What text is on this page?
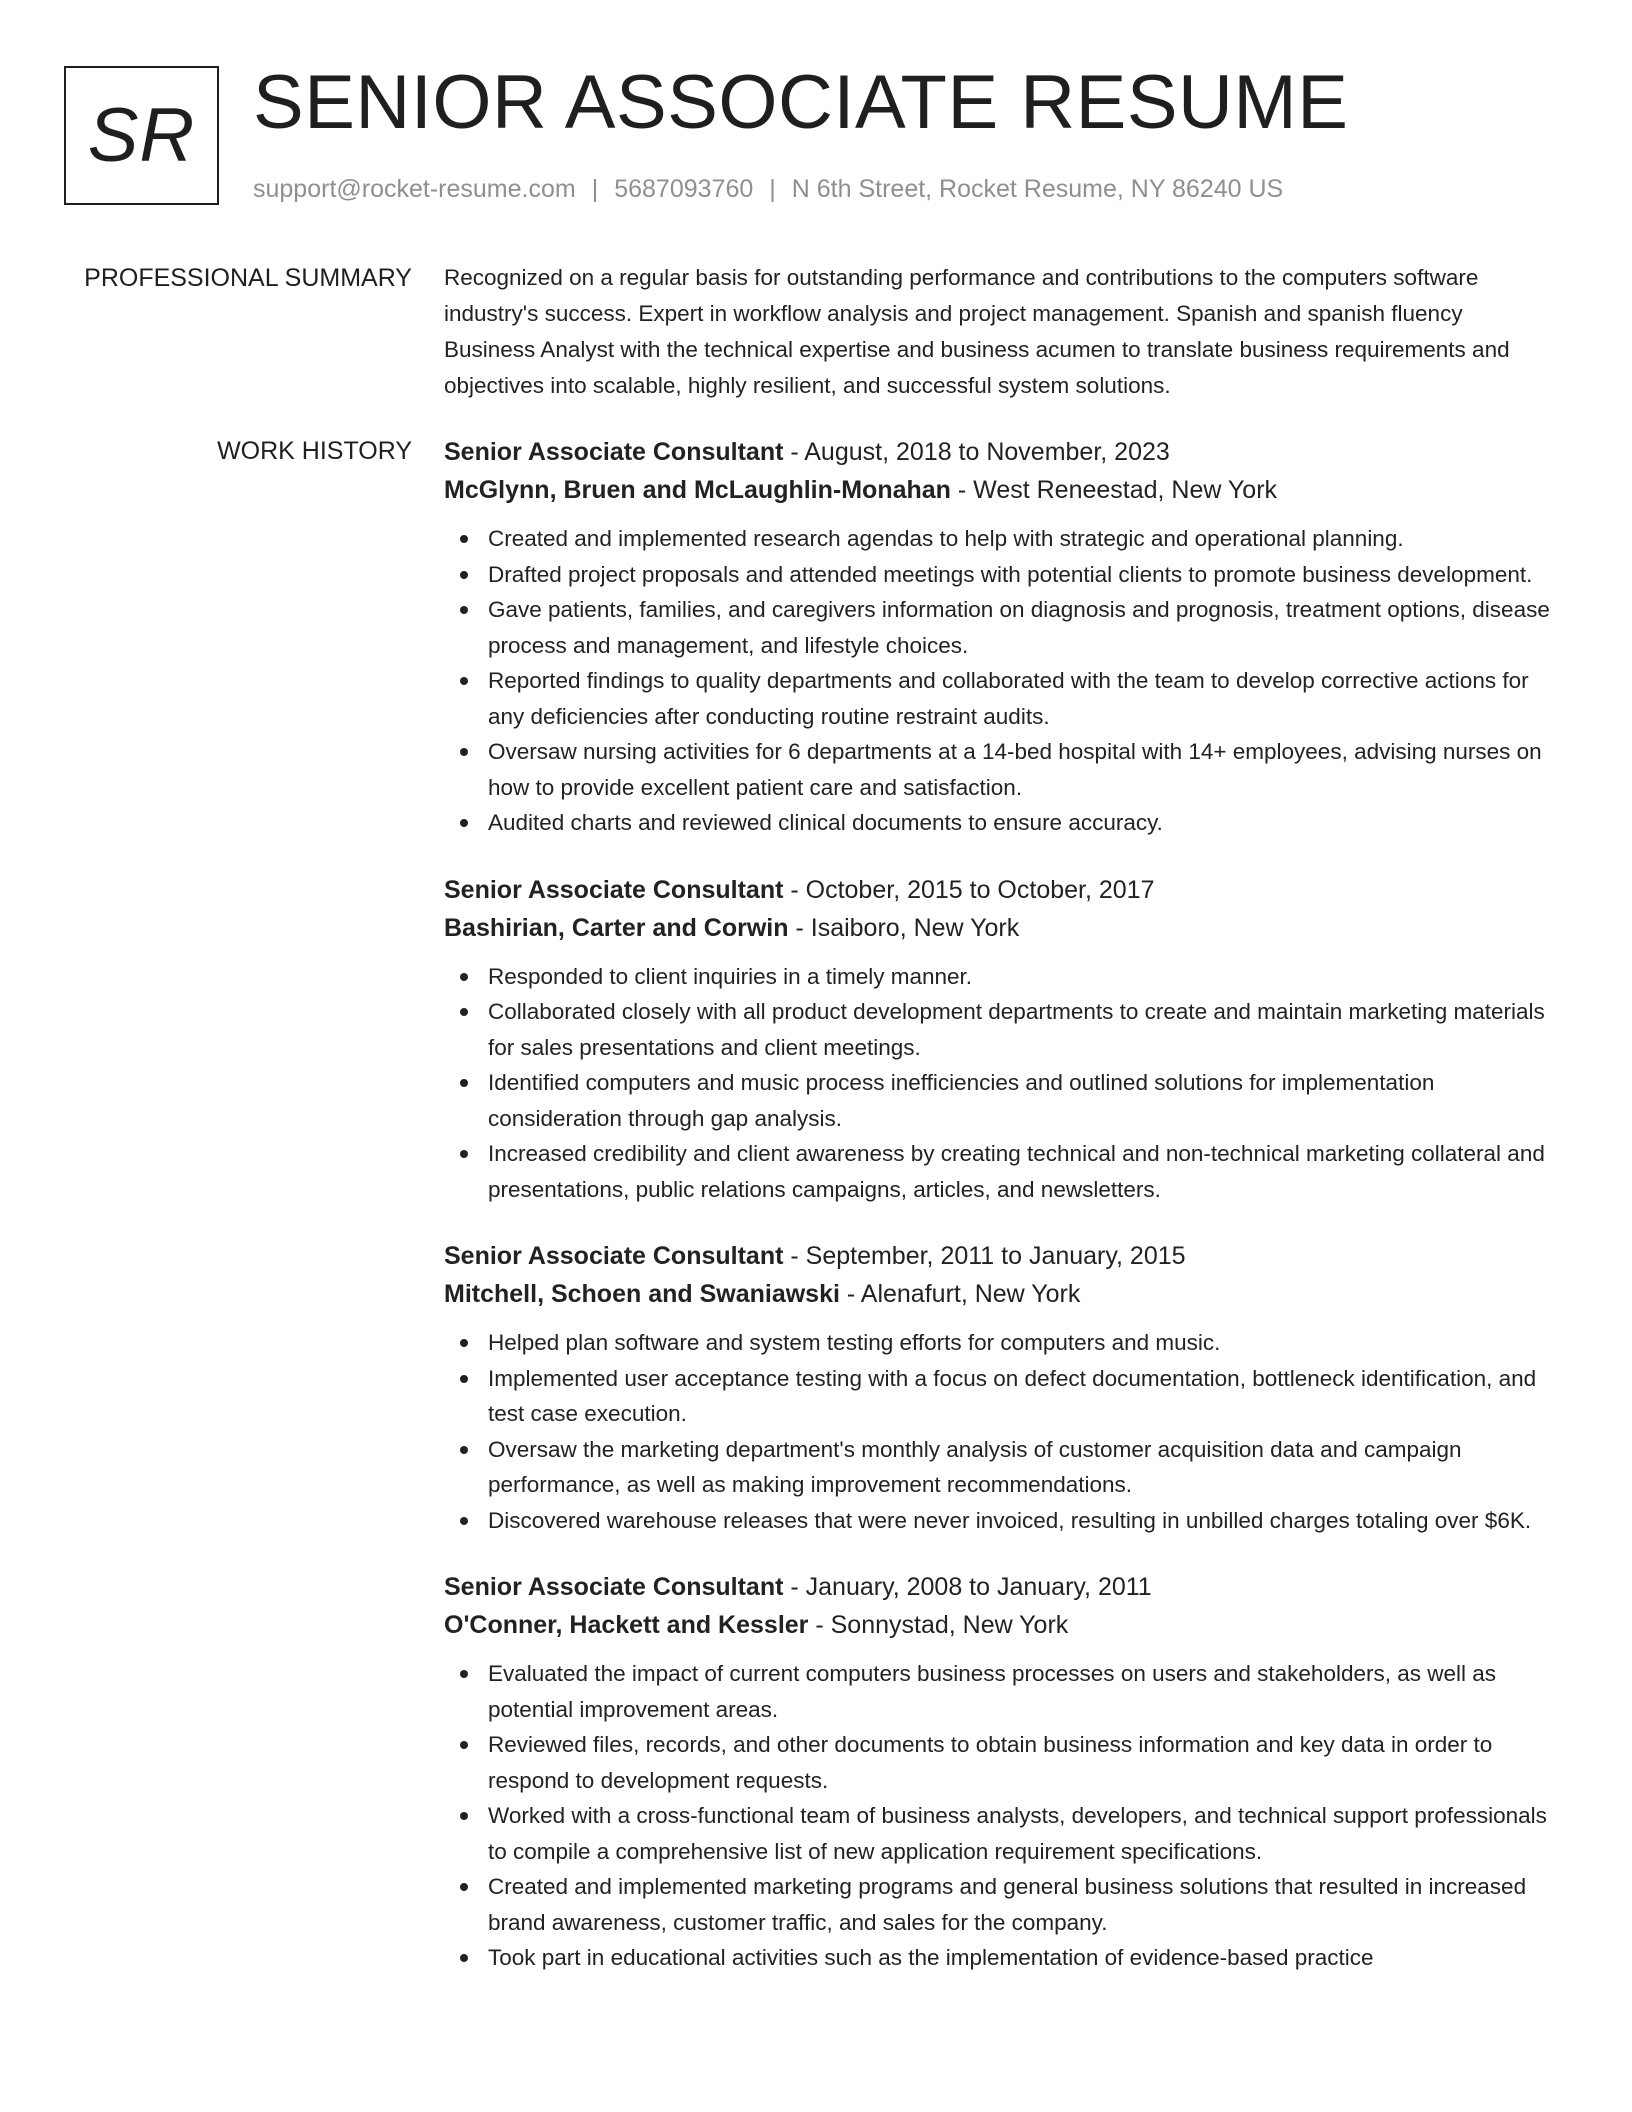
SR SENIOR ASSOCIATE RESUME
support@rocket-resume.com | 5687093760 | N 6th Street, Rocket Resume, NY 86240 US
PROFESSIONAL SUMMARY Recognized on a regular basis for outstanding performance and contributions to the computers software industry's success. Expert in workflow analysis and project management. Spanish and spanish fluency Business Analyst with the technical expertise and business acumen to translate business requirements and objectives into scalable, highly resilient, and successful system solutions.

WORK HISTORY Senior Associate Consultant - August, 2018 to November, 2023

McGlynn, Bruen and McLaughlin-Monahan - West Reneestad, New York

Created and implemented research agendas to help with strategic and operational planning.
Drafted project proposals and attended meetings with potential clients to promote business development.
Gave patients, families, and caregivers information on diagnosis and prognosis, treatment options, disease process and management, and lifestyle choices.
Reported findings to quality departments and collaborated with the team to develop corrective actions for any deficiencies after conducting routine restraint audits.
Oversaw nursing activities for 6 departments at a 14-bed hospital with 14+ employees, advising nurses on how to provide excellent patient care and satisfaction.
Audited charts and reviewed clinical documents to ensure accuracy.

Senior Associate Consultant - October, 2015 to October, 2017

Bashirian, Carter and Corwin - Isaiboro, New York

Responded to client inquiries in a timely manner.
Collaborated closely with all product development departments to create and maintain marketing materials for sales presentations and client meetings.
Identified computers and music process inefficiencies and outlined solutions for implementation consideration through gap analysis.
Increased credibility and client awareness by creating technical and non-technical marketing collateral and presentations, public relations campaigns, articles, and newsletters.

Senior Associate Consultant - September, 2011 to January, 2015

Mitchell, Schoen and Swaniawski - Alenafurt, New York

Helped plan software and system testing efforts for computers and music.
Implemented user acceptance testing with a focus on defect documentation, bottleneck identification, and test case execution.
Oversaw the marketing department's monthly analysis of customer acquisition data and campaign performance, as well as making improvement recommendations.
Discovered warehouse releases that were never invoiced, resulting in unbilled charges totaling over $6K.

Senior Associate Consultant - January, 2008 to January, 2011

O'Conner, Hackett and Kessler - Sonnystad, New York

Evaluated the impact of current computers business processes on users and stakeholders, as well as potential improvement areas.
Reviewed files, records, and other documents to obtain business information and key data in order to respond to development requests.
Worked with a cross-functional team of business analysts, developers, and technical support professionals to compile a comprehensive list of new application requirement specifications.
Created and implemented marketing programs and general business solutions that resulted in increased brand awareness, customer traffic, and sales for the company.
Took part in educational activities such as the implementation of evidence-based practice
